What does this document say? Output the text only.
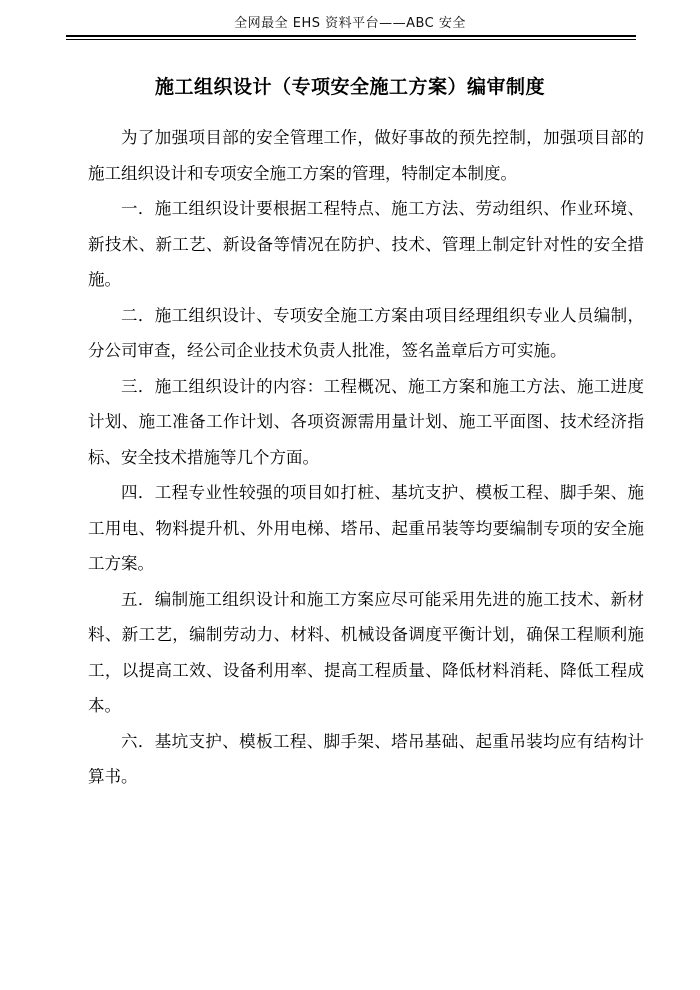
全网最全 EHS 资料平台——ABC 安全
施工组织设计（专项安全施工方案）编审制度

为了加强项目部的安全管理工作，做好事故的预先控制，加强项目部的施工组织设计和专项安全施工方案的管理，特制定本制度。

一．施工组织设计要根据工程特点、施工方法、劳动组织、作业环境、新技术、新工艺、新设备等情况在防护、技术、管理上制定针对性的安全措施。

二．施工组织设计、专项安全施工方案由项目经理组织专业人员编制，分公司审查，经公司企业技术负责人批准，签名盖章后方可实施。

三．施工组织设计的内容：工程概况、施工方案和施工方法、施工进度计划、施工准备工作计划、各项资源需用量计划、施工平面图、技术经济指标、安全技术措施等几个方面。

四．工程专业性较强的项目如打桩、基坑支护、模板工程、脚手架、施工用电、物料提升机、外用电梯、塔吊、起重吊装等均要编制专项的安全施工方案。

五．编制施工组织设计和施工方案应尽可能采用先进的施工技术、新材料、新工艺，编制劳动力、材料、机械设备调度平衡计划，确保工程顺利施工，以提高工效、设备利用率、提高工程质量、降低材料消耗、降低工程成本。

六．基坑支护、模板工程、脚手架、塔吊基础、起重吊装均应有结构计算书。
